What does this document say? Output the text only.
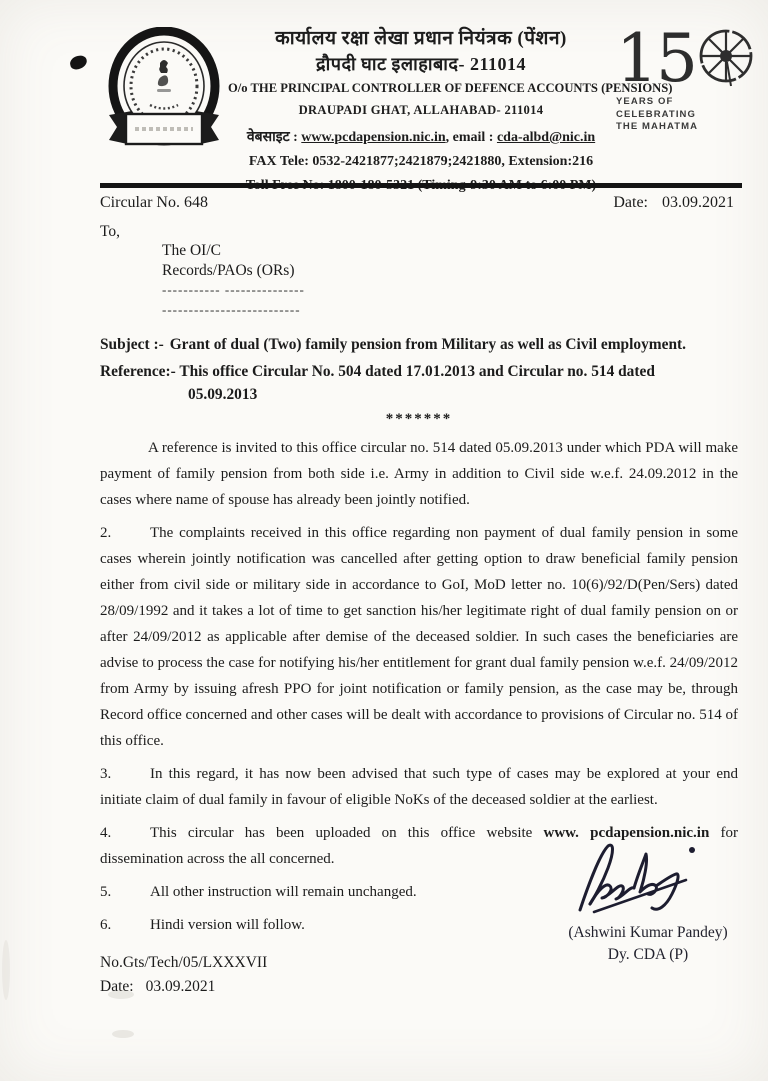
कार्यालय रक्षा लेखा प्रधान नियंत्रक (पेंशन)
द्रौपदी घाट इलाहाबाद- 211014
O/o THE PRINCIPAL CONTROLLER OF DEFENCE ACCOUNTS (PENSIONS)
DRAUPADI GHAT, ALLAHABAD- 211014
वेबसाइट : www.pcdapension.nic.in, email : cda-albd@nic.in
FAX Tele: 0532-2421877;2421879;2421880, Extension:216
Toll Free No: 1800-180-5321 (Timing-9:30 AM to 6:00 PM)
15
YEARS OF
CELEBRATING
THE MAHATMA
Circular No. 648	Date: 03.09.2021
To,
The OI/C
Records/PAOs (ORs)
----------- ---------------
--------------------------
Subject :- Grant of dual (Two) family pension from Military as well as Civil employment.
Reference:- This office Circular No. 504 dated 17.01.2013 and Circular no. 514 dated
05.09.2013
*******
A reference is invited to this office circular no. 514 dated 05.09.2013 under which PDA will make payment of family pension from both side i.e. Army in addition to Civil side w.e.f. 24.09.2012 in the cases where name of spouse has already been jointly notified.
2.	The complaints received in this office regarding non payment of dual family pension in some cases wherein jointly notification was cancelled after getting option to draw beneficial family pension either from civil side or military side in accordance to GoI, MoD letter no. 10(6)/92/D(Pen/Sers) dated 28/09/1992 and it takes a lot of time to get sanction his/her legitimate right of dual family pension on or after 24/09/2012 as applicable after demise of the deceased soldier. In such cases the beneficiaries are advise to process the case for notifying his/her entitlement for grant dual family pension w.e.f. 24/09/2012 from Army by issuing afresh PPO for joint notification or family pension, as the case may be, through Record office concerned and other cases will be dealt with accordance to provisions of Circular no. 514 of this office.
3.	In this regard, it has now been advised that such type of cases may be explored at your end initiate claim of dual family in favour of eligible NoKs of the deceased soldier at the earliest.
4.	This circular has been uploaded on this office website www. pcdapension.nic.in for dissemination across the all concerned.
5.	All other instruction will remain unchanged.
6.	Hindi version will follow.
No.Gts/Tech/05/LXXXVII
Date: 03.09.2021
(Ashwini Kumar Pandey)
Dy. CDA (P)
